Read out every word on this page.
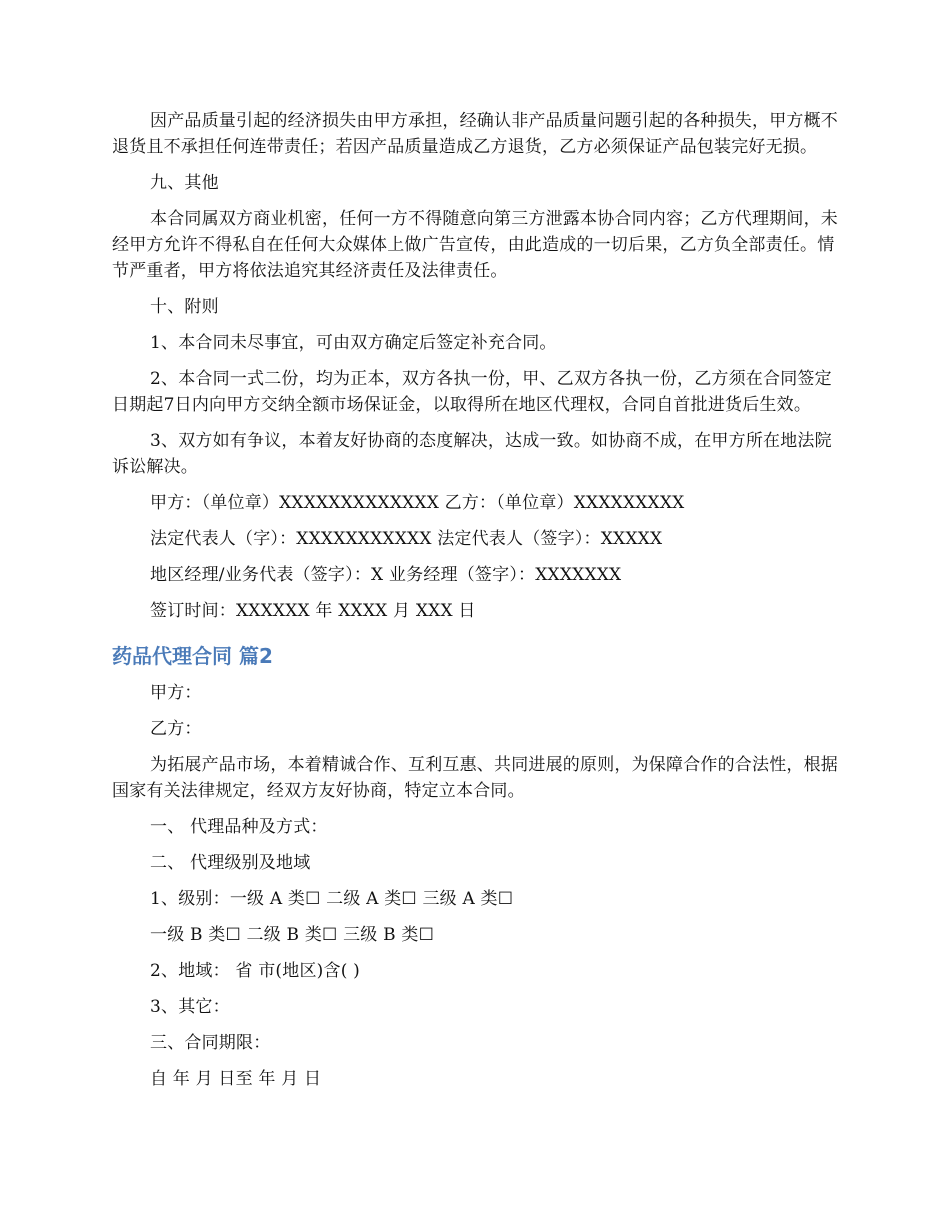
因产品质量引起的经济损失由甲方承担，经确认非产品质量问题引起的各种损失，甲方概不退货且不承担任何连带责任；若因产品质量造成乙方退货，乙方必须保证产品包装完好无损。

九、其他

本合同属双方商业机密，任何一方不得随意向第三方泄露本协合同内容；乙方代理期间，未经甲方允许不得私自在任何大众媒体上做广告宣传，由此造成的一切后果，乙方负全部责任。情节严重者，甲方将依法追究其经济责任及法律责任。

十、附则

1、本合同未尽事宜，可由双方确定后签定补充合同。

2、本合同一式二份，均为正本，双方各执一份，甲、乙双方各执一份，乙方须在合同签定日期起7日内向甲方交纳全额市场保证金，以取得所在地区代理权，合同自首批进货后生效。

3、双方如有争议，本着友好协商的态度解决，达成一致。如协商不成，在甲方所在地法院诉讼解决。

甲方：（单位章）XXXXXXXXXXXXX 乙方：（单位章）XXXXXXXXX

法定代表人（字）：XXXXXXXXXXX 法定代表人（签字）：XXXXX

地区经理/业务代表（签字）：X 业务经理（签字）：XXXXXXX

签订时间：XXXXXX 年 XXXX 月 XXX 日

药品代理合同 篇2

甲方：

乙方：

为拓展产品市场，本着精诚合作、互利互惠、共同进展的原则，为保障合作的合法性，根据国家有关法律规定，经双方友好协商，特定立本合同。

一、 代理品种及方式：

二、 代理级别及地域

1、级别：一级 A 类☐ 二级 A 类☐ 三级 A 类☐

一级 B 类☐ 二级 B 类☐ 三级 B 类☐

2、地域： 省 市(地区)含( )

3、其它：

三、合同期限：

自 年 月 日至 年 月 日
